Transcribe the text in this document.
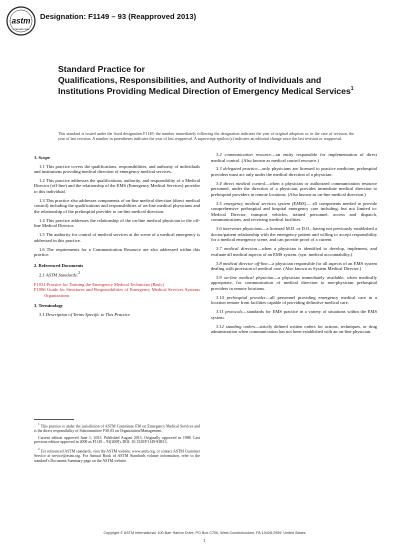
astm
INTERNATIONAL
Designation: F1149 – 93 (Reapproved 2013)
Standard Practice for
Qualifications, Responsibilities, and Authority of Individuals and Institutions Providing Medical Direction of Emergency Medical Services$^1$
This standard is issued under the fixed designation F1149; the number immediately following the designation indicates the year of original adoption or, in the case of revision, the year of last revision. A number in parentheses indicates the year of last reapproval. A superscript epsilon (ε) indicates an editorial change since the last revision or reapproval.
1. Scope

1.1 This practice covers the qualifications, responsibilities, and authority of individuals and institutions providing medical direction of emergency medical services.

1.2 This practice addresses the qualifications, authority, and responsibility of a Medical Director (off-line) and the relationship of the EMS (Emergency Medical Services) provider to this individual.

1.3 This practice also addresses components of on-line medical direction (direct medical control) including the qualifications and responsibilities of on-line medical physicians and the relationship of the prehospital provider to on-line medical direction.

1.4 This practice addresses the relationship of the on-line medical physician to the off-line Medical Director.

1.5 The authority for control of medical services at the scene of a medical emergency is addressed in this practice.

1.6 The requirements for a Communication Resource are also addressed within this practice.

2. Referenced Documents

2.1 ASTM Standards:$^2$

F1031 Practice for Training the Emergency Medical Technician (Basic)

F1086 Guide for Structures and Responsibilities of Emergency Medical Services Systems Organizations

3. Terminology

3.1 Description of Terms Specific to This Practice

$^1$ This practice is under the jurisdiction of ASTM Committee F30 on Emergency Medical Services and is the direct responsibility of Subcommittee F30.03 on Organization/Management.

Current edition approved June 1, 2013. Published August 2013. Originally approved in 1988. Last previous edition approved in 2008 as F1149 – 93(2008). DOI: 10.1520/F1149-93R13.

$^2$ For referenced ASTM standards, visit the ASTM website, www.astm.org, or contact ASTM Customer Service at service@astm.org. For Annual Book of ASTM Standards volume information, refer to the standard's Document Summary page on the ASTM website.

3.2 communication resource—an entity responsible for implementation of direct medical control. (Also known as medical control resource.)

3.3 delegated practice—only physicians are licensed to practice medicine; prehospital providers must act only under the medical direction of a physician.

3.4 direct medical control—when a physician or authorized communication resource personnel, under the direction of a physician, provides immediate medical direction to prehospital providers in remote locations. (Also known as on-line medical direction.)

3.5 emergency medical services system (EMSS)— all components needed to provide comprehensive prehospital and hospital emergency care including, but not limited to: Medical Director, transport vehicles, trained personnel, access and dispatch, communications, and receiving medical facilities.

3.6 intervener physicians—a licensed M.D. or D.O., having not previously established a doctor/patient relationship with the emergency patient and willing to accept responsibility for a medical emergency scene, and can provide proof of a current

3.7 medical direction—when a physician is identified to develop, implement, and evaluate all medical aspects of an EMS system. (syn. medical accountability.)

3.8 medical director off-line—a physician responsible for all aspects of an EMS system dealing with provision of medical care. (Also known as System Medical Director.)

3.9 on-line medical physician—a physician immediately available, when medically appropriate, for communication of medical direction to non-physician prehospital providers in remote locations.

3.10 prehospital provider—all personnel providing emergency medical care in a location remote from facilities capable of providing definitive medical care.

3.11 protocols—standards for EMS practice in a variety of situations within the EMS system.

3.12 standing orders—strictly defined written orders for actions, techniques, or drug administration when communication has not been established with an on-line physician.

Copyright © ASTM International, 100 Barr Harbor Drive, PO Box C700, West Conshohocken, PA 19428-2959. United States
1
